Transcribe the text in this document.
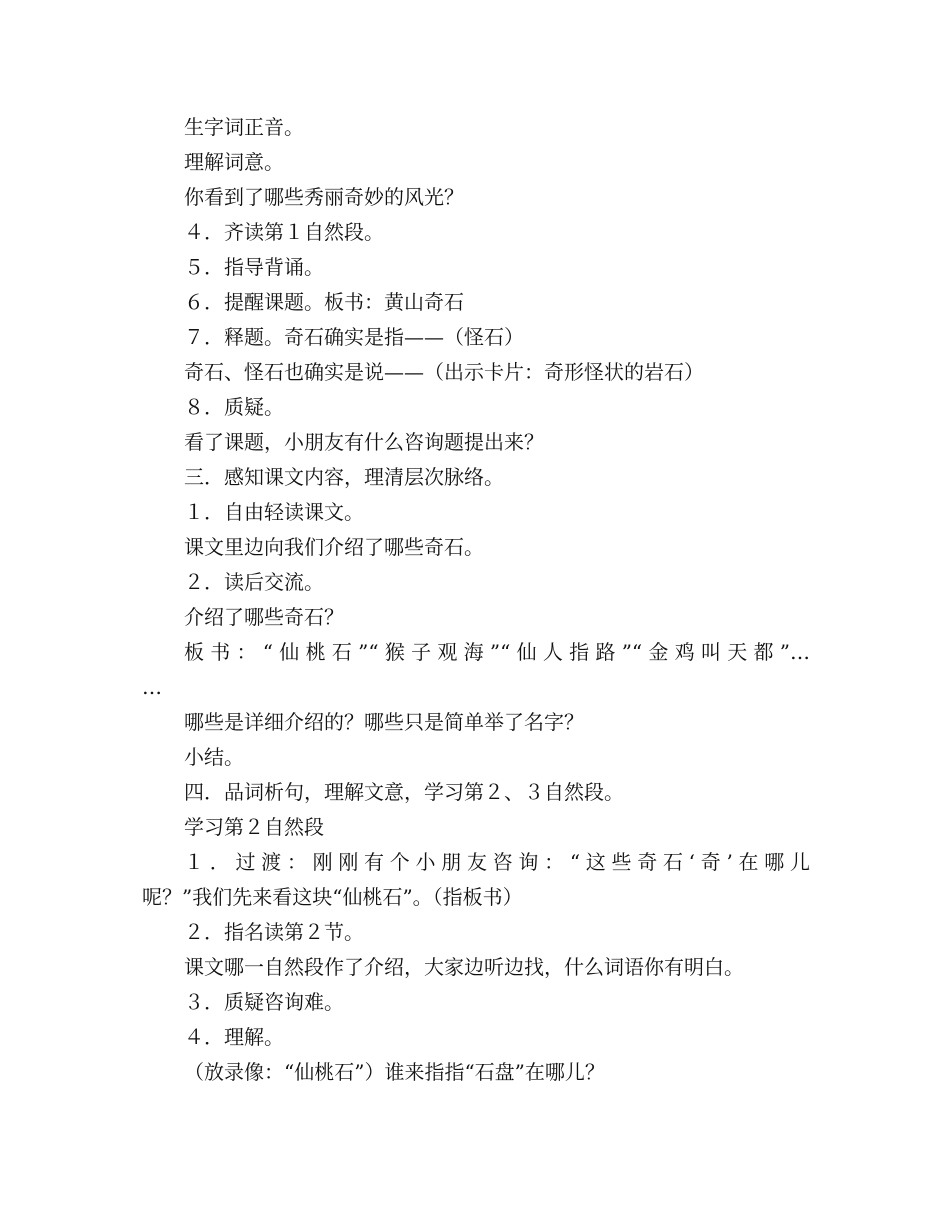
生字词正音。
理解词意。
你看到了哪些秀丽奇妙的风光？
４．齐读第１自然段。
５．指导背诵。
６．提醒课题。板书：黄山奇石
７．释题。奇石确实是指——（怪石）
奇石、怪石也确实是说——（出示卡片：奇形怪状的岩石）
８．质疑。
看了课题，小朋友有什么咨询题提出来？
三．感知课文内容，理清层次脉络。
１．自由轻读课文。
课文里边向我们介绍了哪些奇石。
２．读后交流。
介绍了哪些奇石？
板书：“仙桃石”“猴子观海”“仙人指路”“金鸡叫天都”…
…
哪些是详细介绍的？哪些只是简单举了名字？
小结。
四．品词析句，理解文意，学习第２、３自然段。
学习第２自然段
１．过渡：刚刚有个小朋友咨询：“这些奇石‘奇’在哪儿
呢？”我们先来看这块“仙桃石”。（指板书）
２．指名读第２节。
课文哪一自然段作了介绍，大家边听边找，什么词语你有明白。
３．质疑咨询难。
４．理解。
（放录像：“仙桃石”）谁来指指“石盘”在哪儿？
